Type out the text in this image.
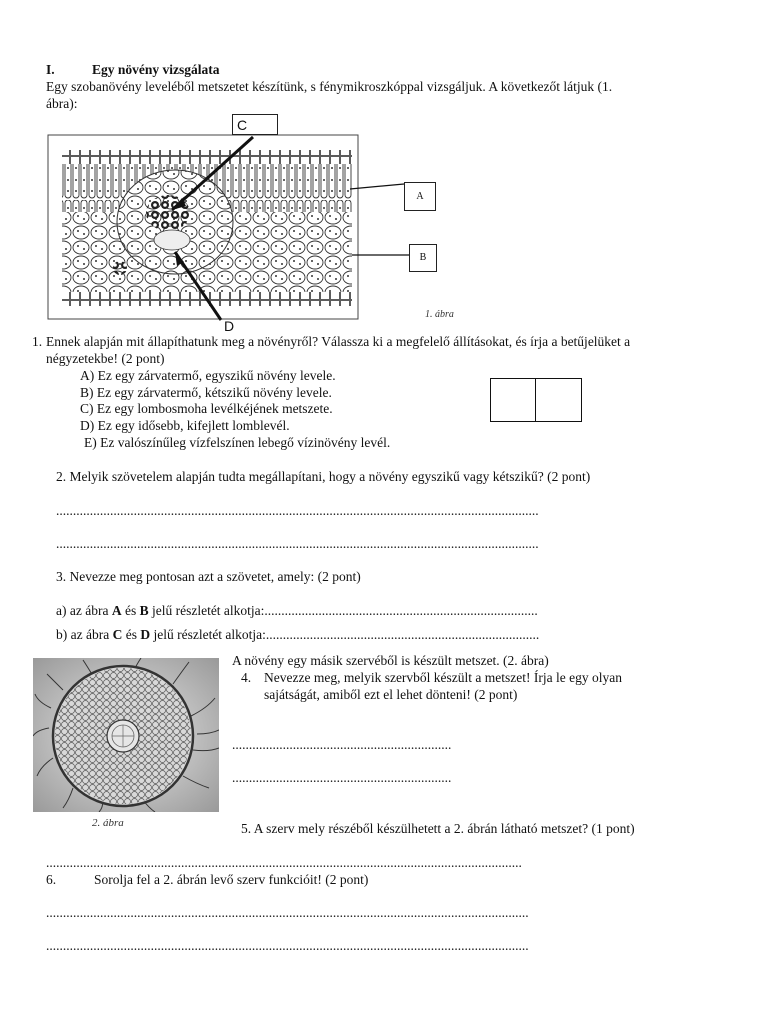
I.	Egy növény vizsgálata
Egy szobanövény leveléből metszetet készítünk, s fénymikroszkóppal vizsgáljuk. A következőt látjuk (1.
ábra):
C
A
B
D
1. ábra
1. Ennek alapján mit állapíthatunk meg a növényről? Válassza ki a megfelelő állításokat, és írja a betűjelüket a
négyzetekbe! (2 pont)
A) Ez egy zárvatermő, egyszikű növény levele.
B) Ez egy zárvatermő, kétszikű növény levele.
C) Ez egy lombosmoha levélkéjének metszete.
D) Ez egy idősebb, kifejlett lomblevél.
E) Ez valószínűleg vízfelszínen lebegő vízinövény levél.
2. Melyik szövetelem alapján tudta megállapítani, hogy a növény egyszikű vagy kétszikű? (2 pont)
...............................................................................................................................................
...............................................................................................................................................
3. Nevezze meg pontosan azt a szövetet, amely: (2 pont)
a) az ábra A és B jelű részletét alkotja:.................................................................................
b) az ábra C és D jelű részletét alkotja:.................................................................................
2. ábra
A növény egy másik szervéből is készült metszet. (2. ábra)
4. Nevezze meg, melyik szervből készült a metszet! Írja le egy olyan
sajátságát, amiből ezt el lehet dönteni! (2 pont)
.................................................................
.................................................................
5. A szerv mely részéből készülhetett a 2. ábrán látható metszet? (1 pont)
.............................................................................................................................................
6.	Sorolja fel a 2. ábrán levő szerv funkcióit! (2 pont)
...............................................................................................................................................
...............................................................................................................................................
